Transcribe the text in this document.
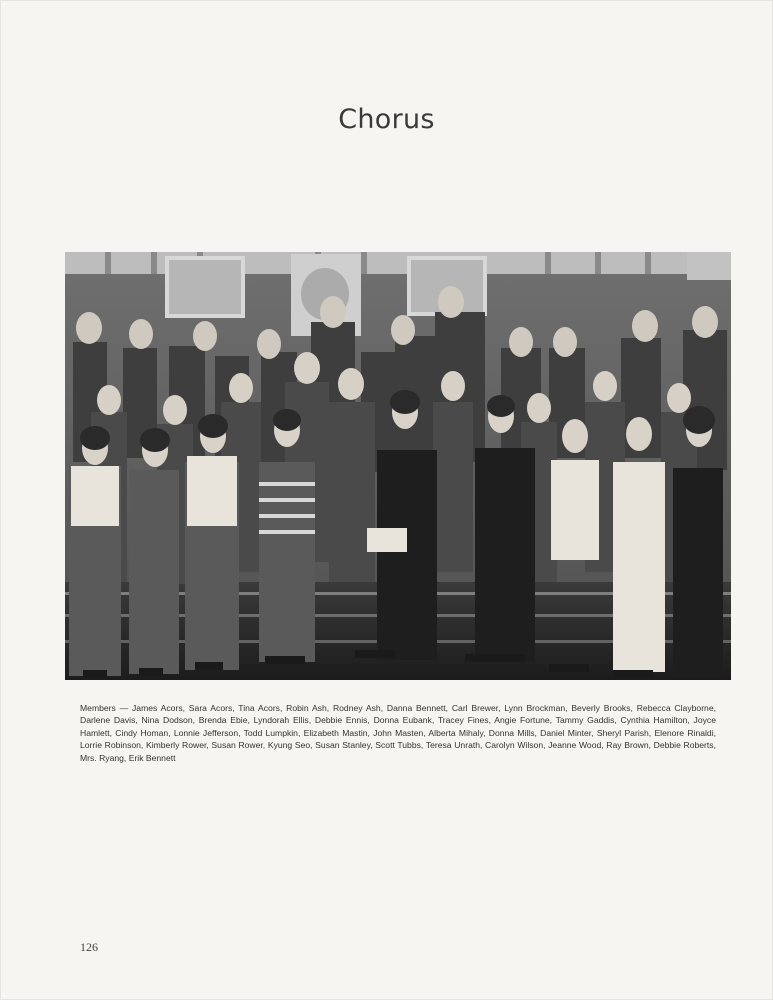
Chorus
Members — James Acors, Sara Acors, Tina Acors, Robin Ash, Rodney Ash, Danna Bennett, Carl Brewer, Lynn Brockman, Beverly Brooks, Rebecca Clayborne, Darlene Davis, Nina Dodson, Brenda Ebie, Lyndorah Ellis, Debbie Ennis, Donna Eubank, Tracey Fines, Angie Fortune, Tammy Gaddis, Cynthia Hamilton, Joyce Hamlett, Cindy Homan, Lonnie Jefferson, Todd Lumpkin, Elizabeth Mastin, John Masten, Alberta Mihaly, Donna Mills, Daniel Minter, Sheryl Parish, Elenore Rinaldi, Lorrie Robinson, Kimberly Rower, Susan Rower, Kyung Seo, Susan Stanley, Scott Tubbs, Teresa Unrath, Carolyn Wilson, Jeanne Wood, Ray Brown, Debbie Roberts, Mrs. Ryang, Erik Bennett
126
